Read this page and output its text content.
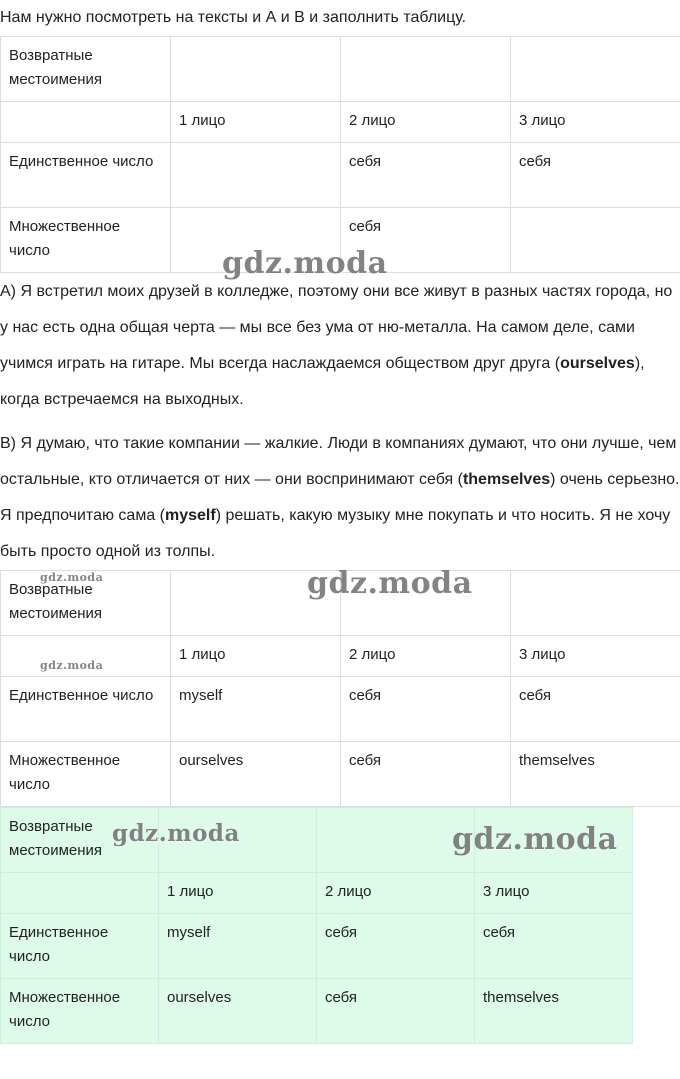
Нам нужно посмотреть на тексты и А и В и заполнить таблицу.
Возвратные местоимения			
	1 лицо	2 лицо	3 лицо
Единственное число		себя	себя
Множественное число		себя	
А) Я встретил моих друзей в колледже, поэтому они все живут в разных частях города, но у нас есть одна общая черта — мы все без ума от ню-металла. На самом деле, сами учимся играть на гитаре. Мы всегда наслаждаемся обществом друг друга (ourselves), когда встречаемся на выходных.
В) Я думаю, что такие компании — жалкие. Люди в компаниях думают, что они лучше, чем остальные, кто отличается от них — они воспринимают себя (themselves) очень серьезно. Я предпочитаю сама (myself) решать, какую музыку мне покупать и что носить. Я не хочу быть просто одной из толпы.
Возвратные местоимения			
	1 лицо	2 лицо	3 лицо
Единственное число	myself	себя	себя
Множественное число	ourselves	себя	themselves
Возвратные местоимения			
	1 лицо	2 лицо	3 лицо
Единственное число	myself	себя	себя
Множественное число	ourselves	себя	themselves
gdz.moda
gdz.moda
gdz.moda
gdz.moda
gdz.moda	gdz.moda
